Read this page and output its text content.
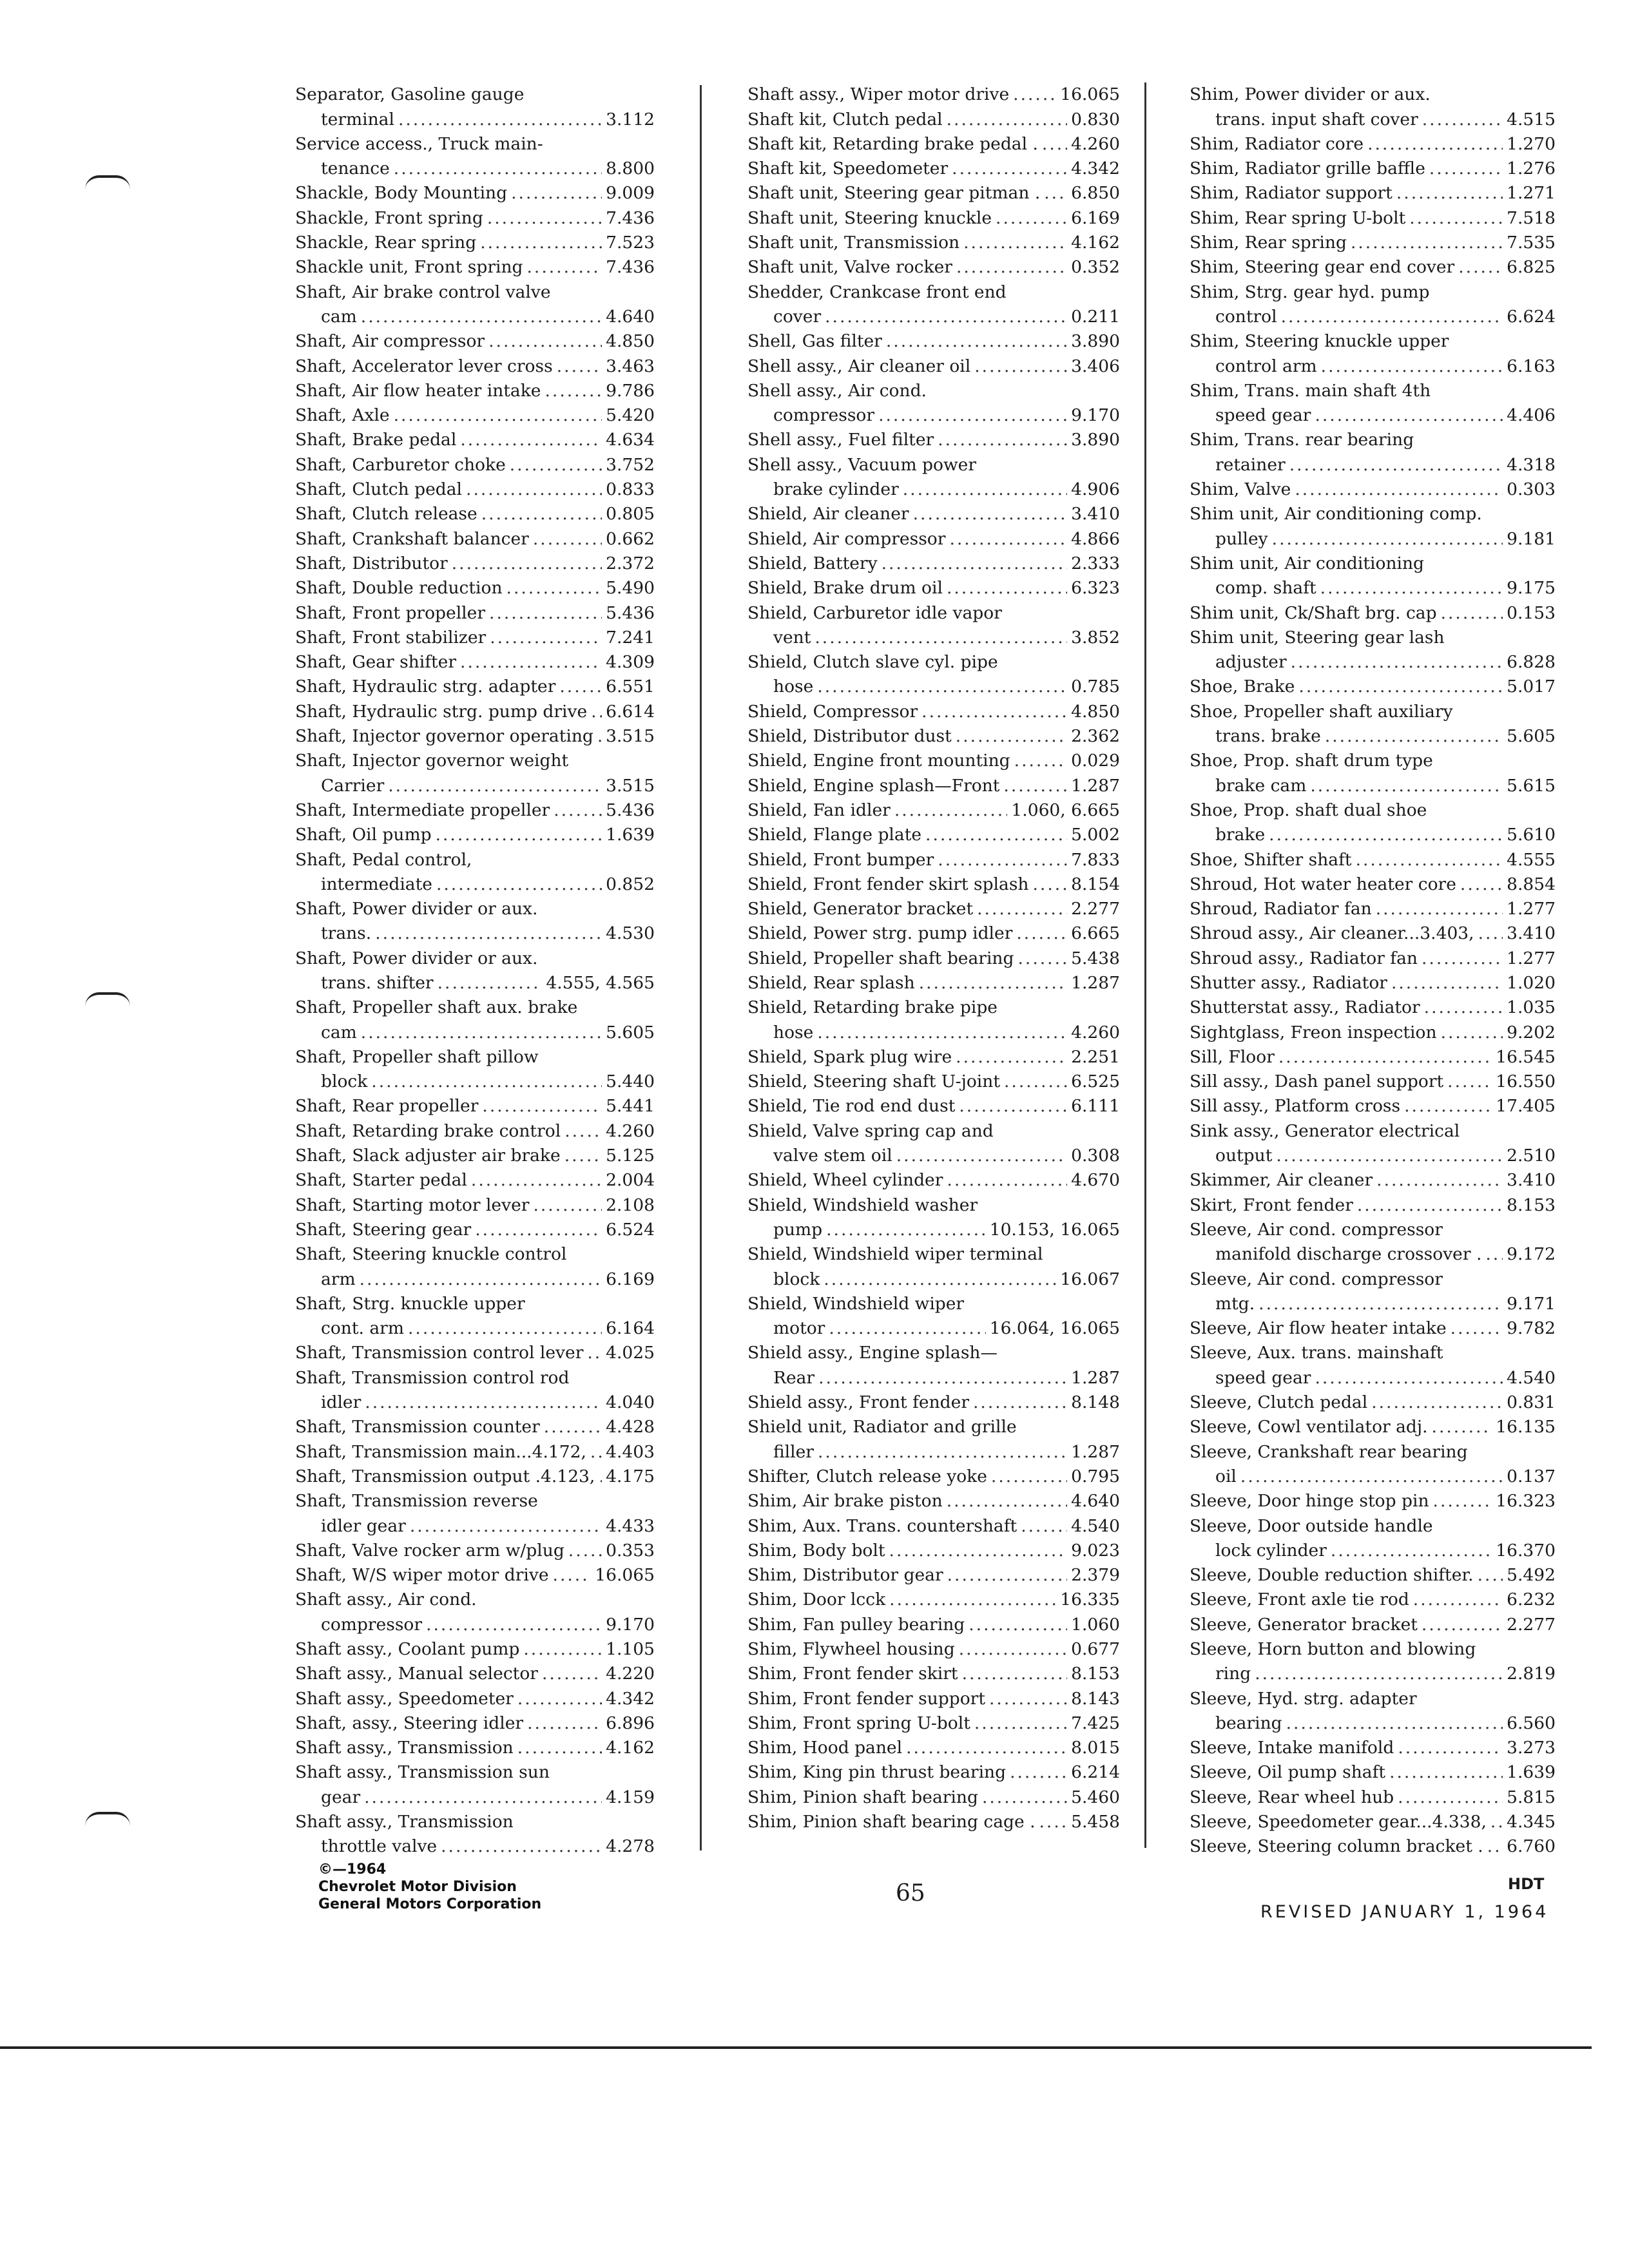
Separator, Gasoline gauge
terminal .....	3.112
Service access., Truck main-
tenance .....	8.800
Shackle, Body Mounting .....	9.009
Shackle, Front spring .....	7.436
Shackle, Rear spring .....	7.523
Shackle unit, Front spring .....	7.436
Shaft, Air brake control valve
cam .....	4.640
Shaft, Air compressor .....	4.850
Shaft, Accelerator lever cross .....	3.463
Shaft, Air flow heater intake .....	9.786
Shaft, Axle .....	5.420
Shaft, Brake pedal .....	4.634
Shaft, Carburetor choke .....	3.752
Shaft, Clutch pedal .....	0.833
Shaft, Clutch release .....	0.805
Shaft, Crankshaft balancer .....	0.662
Shaft, Distributor .....	2.372
Shaft, Double reduction .....	5.490
Shaft, Front propeller .....	5.436
Shaft, Front stabilizer .....	7.241
Shaft, Gear shifter .....	4.309
Shaft, Hydraulic strg. adapter .....	6.551
Shaft, Hydraulic strg. pump drive ..... 6.614
Shaft, Injector governor operating ..... 3.515
Shaft, Injector governor weight
Carrier .....	3.515
Shaft, Intermediate propeller .....	5.436
Shaft, Oil pump .....	1.639
Shaft, Pedal control,
intermediate .....	0.852
Shaft, Power divider or aux.
trans. .....	4.530
Shaft, Power divider or aux.
trans. shifter .....	4.555, 4.565
Shaft, Propeller shaft aux. brake
cam .....	5.605
Shaft, Propeller shaft pillow
block .....	5.440
Shaft, Rear propeller .....	5.441
Shaft, Retarding brake control .....	4.260
Shaft, Slack adjuster air brake .....	5.125
Shaft, Starter pedal .....	2.004
Shaft, Starting motor lever .....	2.108
Shaft, Steering gear .....	6.524
Shaft, Steering knuckle control
arm .....	6.169
Shaft, Strg. knuckle upper
cont. arm .....	6.164
Shaft, Transmission control lever ..... 4.025
Shaft, Transmission control rod
idler .....	4.040
Shaft, Transmission counter .....	4.428
Shaft, Transmission main...4.172, ..... 4.403
Shaft, Transmission output .4.123, ..... 4.175
Shaft, Transmission reverse
idler gear .....	4.433
Shaft, Valve rocker arm w/plug ..... 0.353
Shaft, W/S wiper motor drive .....	16.065
Shaft assy., Air cond.
compressor .....	9.170
Shaft assy., Coolant pump .....	1.105
Shaft assy., Manual selector .....	4.220
Shaft assy., Speedometer .....	4.342
Shaft, assy., Steering idler .....	6.896
Shaft assy., Transmission .....	4.162
Shaft assy., Transmission sun
gear .....	4.159
Shaft assy., Transmission
throttle valve .....	4.278
Shaft assy., Wiper motor drive .....	16.065
Shaft kit, Clutch pedal .....	0.830
Shaft kit, Retarding brake pedal . ..... 4.260
Shaft kit, Speedometer .....	4.342
Shaft unit, Steering gear pitman . ..... 6.850
Shaft unit, Steering knuckle .....	6.169
Shaft unit, Transmission .....	4.162
Shaft unit, Valve rocker .....	0.352
Shedder, Crankcase front end
cover .....	0.211
Shell, Gas filter .....	3.890
Shell assy., Air cleaner oil .....	3.406
Shell assy., Air cond.
compressor .....	9.170
Shell assy., Fuel filter .....	3.890
Shell assy., Vacuum power
brake cylinder .....	4.906
Shield, Air cleaner .....	3.410
Shield, Air compressor .....	4.866
Shield, Battery .....	2.333
Shield, Brake drum oil .....	6.323
Shield, Carburetor idle vapor
vent .....	3.852
Shield, Clutch slave cyl. pipe
hose .....	0.785
Shield, Compressor .....	4.850
Shield, Distributor dust .....	2.362
Shield, Engine front mounting .....	0.029
Shield, Engine splash—Front .....	1.287
Shield, Fan idler .....	1.060, 6.665
Shield, Flange plate .....	5.002
Shield, Front bumper .....	7.833
Shield, Front fender skirt splash ..... 8.154
Shield, Generator bracket .....	2.277
Shield, Power strg. pump idler .....	6.665
Shield, Propeller shaft bearing .....	5.438
Shield, Rear splash .....	1.287
Shield, Retarding brake pipe
hose .....	4.260
Shield, Spark plug wire .....	2.251
Shield, Steering shaft U-joint .....	6.525
Shield, Tie rod end dust .....	6.111
Shield, Valve spring cap and
valve stem oil .....	0.308
Shield, Wheel cylinder .....	4.670
Shield, Windshield washer
pump .....	10.153, 16.065
Shield, Windshield wiper terminal
block .....	16.067
Shield, Windshield wiper
motor .....	16.064, 16.065
Shield assy., Engine splash—
Rear .....	1.287
Shield assy., Front fender .....	8.148
Shield unit, Radiator and grille
filler .....	1.287
Shifter, Clutch release yoke .....	0.795
Shim, Air brake piston .....	4.640
Shim, Aux. Trans. countershaft .....	4.540
Shim, Body bolt .....	9.023
Shim, Distributor gear .....	2.379
Shim, Door lcck .....	16.335
Shim, Fan pulley bearing .....	1.060
Shim, Flywheel housing .....	0.677
Shim, Front fender skirt .....	8.153
Shim, Front fender support .....	8.143
Shim, Front spring U-bolt .....	7.425
Shim, Hood panel .....	8.015
Shim, King pin thrust bearing .....	6.214
Shim, Pinion shaft bearing .....	5.460
Shim, Pinion shaft bearing cage . ..... 5.458
Shim, Power divider or aux.
trans. input shaft cover .....	4.515
Shim, Radiator core .....	1.270
Shim, Radiator grille baffle .....	1.276
Shim, Radiator support .....	1.271
Shim, Rear spring U-bolt .....	7.518
Shim, Rear spring .....	7.535
Shim, Steering gear end cover .....	6.825
Shim, Strg. gear hyd. pump
control .....	6.624
Shim, Steering knuckle upper
control arm .....	6.163
Shim, Trans. main shaft 4th
speed gear .....	4.406
Shim, Trans. rear bearing
retainer .....	4.318
Shim, Valve .....	0.303
Shim unit, Air conditioning comp.
pulley .....	9.181
Shim unit, Air conditioning
comp. shaft .....	9.175
Shim unit, Ck/Shaft brg. cap .....	0.153
Shim unit, Steering gear lash
adjuster .....	6.828
Shoe, Brake .....	5.017
Shoe, Propeller shaft auxiliary
trans. brake .....	5.605
Shoe, Prop. shaft drum type
brake cam .....	5.615
Shoe, Prop. shaft dual shoe
brake .....	5.610
Shoe, Shifter shaft .....	4.555
Shroud, Hot water heater core .....	8.854
Shroud, Radiator fan .....	1.277
Shroud assy., Air cleaner...3.403, ..... 3.410
Shroud assy., Radiator fan .....	1.277
Shutter assy., Radiator .....	1.020
Shutterstat assy., Radiator .....	1.035
Sightglass, Freon inspection .....	9.202
Sill, Floor .....	16.545
Sill assy., Dash panel support .....	16.550
Sill assy., Platform cross .....	17.405
Sink assy., Generator electrical
output .....	2.510
Skimmer, Air cleaner .....	3.410
Skirt, Front fender .....	8.153
Sleeve, Air cond. compressor
manifold discharge crossover . ..... 9.172
Sleeve, Air cond. compressor
mtg. .....	9.171
Sleeve, Air flow heater intake .....	9.782
Sleeve, Aux. trans. mainshaft
speed gear .....	4.540
Sleeve, Clutch pedal .....	0.831
Sleeve, Cowl ventilator adj. .....	16.135
Sleeve, Crankshaft rear bearing
oil .....	0.137
Sleeve, Door hinge stop pin .....	16.323
Sleeve, Door outside handle
lock cylinder .....	16.370
Sleeve, Double reduction shifter. ..... 5.492
Sleeve, Front axle tie rod .....	6.232
Sleeve, Generator bracket .....	2.277
Sleeve, Horn button and blowing
ring .....	2.819
Sleeve, Hyd. strg. adapter
bearing .....	6.560
Sleeve, Intake manifold .....	3.273
Sleeve, Oil pump shaft .....	1.639
Sleeve, Rear wheel hub .....	5.815
Sleeve, Speedometer gear...4.338, ..... 4.345
Sleeve, Steering column bracket . ..... 6.760
©—1964
Chevrolet Motor Division
General Motors Corporation	65	HDT
REVISED JANUARY 1, 1964
